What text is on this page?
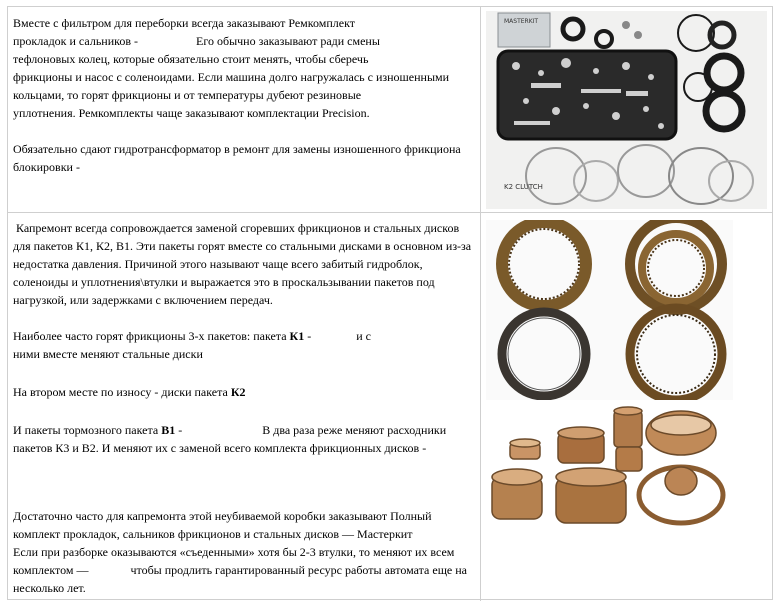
Вместе с фильтром для переборки всегда заказывают Ремкомплект

прокладок и сальников -	Его обычно заказывают ради смены

тефлоновых колец, которые обязательно стоит менять, чтобы сберечь

фрикционы и насос с соленоидами. Если машина долго нагружалась с изношенными

кольцами, то горят фрикционы и от температуры дубеют резиновые

уплотнения. Ремкомплекты чаще заказывают комплектации Precision.

Обязательно сдают гидротрансформатор в ремонт для замены изношенного фрикциона

блокировки -

MASTERKIT
K2 CLUTCH

Капремонт всегда сопровождается заменой сгоревших фрикционов и стальных дисков

для пакетов К1, К2, В1. Эти пакеты горят вместе со стальными дисками в основном из-за

недостатка давления. Причиной этого называют чаще всего забитый гидроблок,

соленоиды и уплотнения\втулки и выражается это в проскальзывании пакетов под

нагрузкой, или задержками с включением передач.

Наиболее часто горят фрикционы 3-х пакетов: пакета К1 -	и с

ними вместе меняют стальные диски

На втором месте по износу - диски пакета К2

И пакеты тормозного пакета В1 -	В два раза реже меняют расходники

пакетов К3 и В2. И меняют их с заменой всего комплекта фрикционных дисков -

Достаточно часто для капремонта этой неубиваемой коробки заказывают Полный

комплект прокладок, сальников фрикционов и стальных дисков — Мастеркит

Если при разборке оказываются «съеденными» хотя бы 2-3 втулки, то меняют их всем

комплектом —	чтобы продлить гарантированный ресурс работы автомата еще на

несколько лет.
